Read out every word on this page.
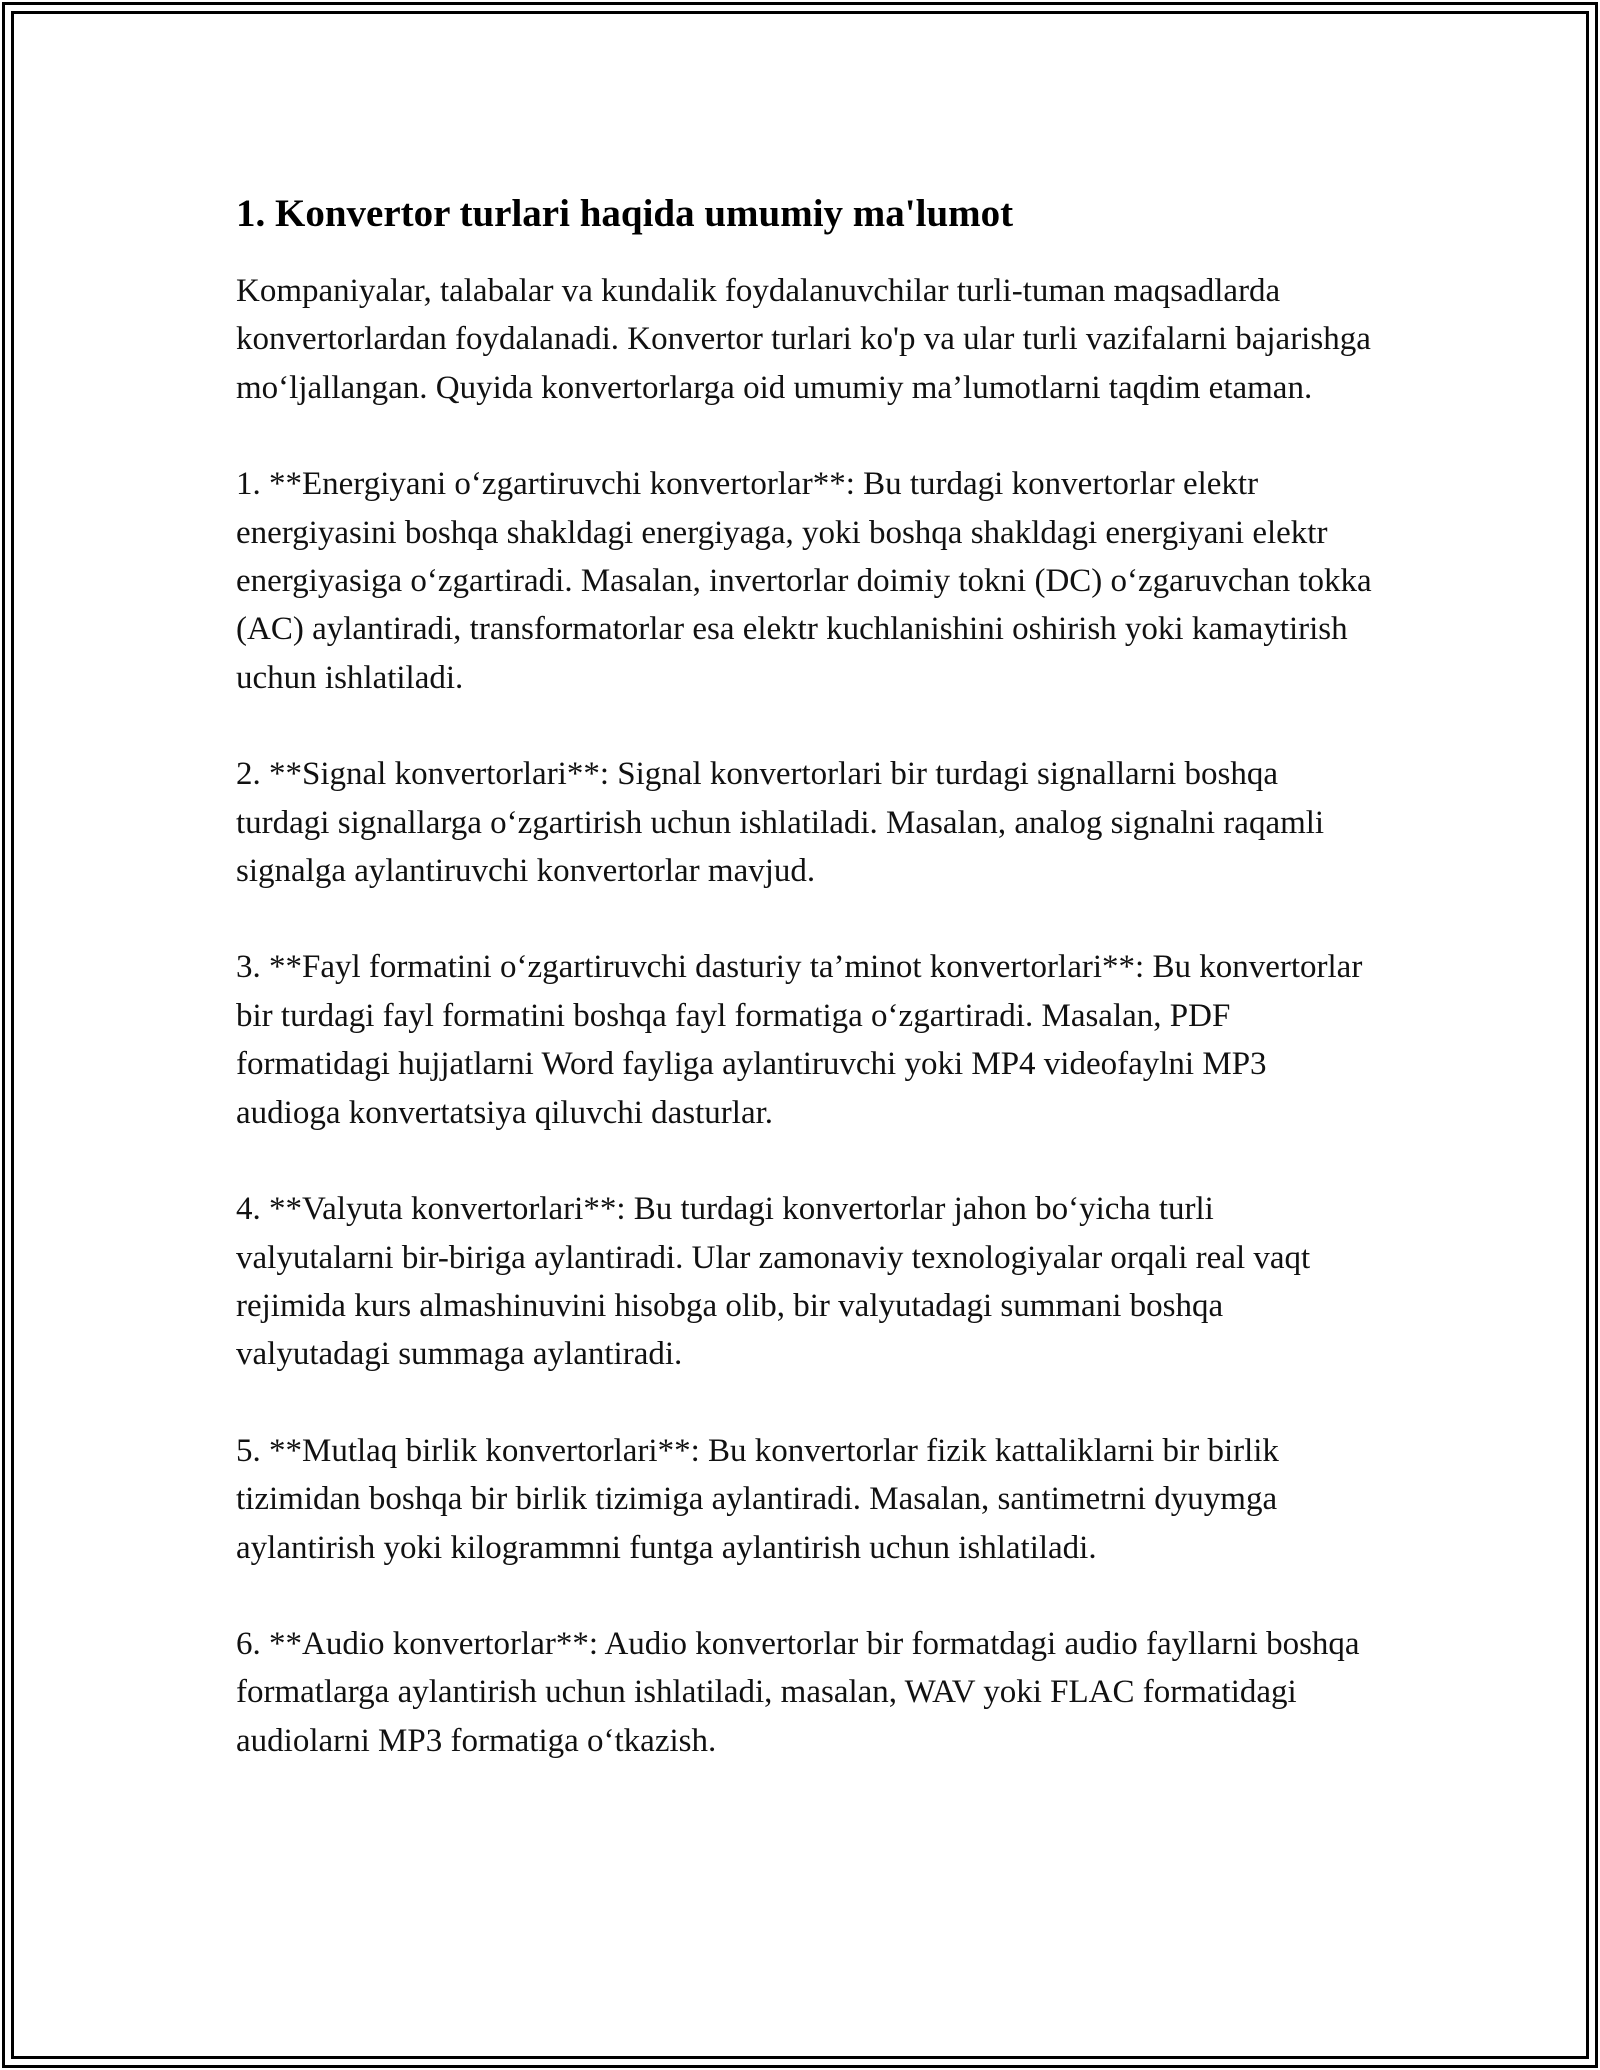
1. Konvertor turlari haqida umumiy ma'lumot

Kompaniyalar, talabalar va kundalik foydalanuvchilar turli-tuman maqsadlarda konvertorlardan foydalanadi. Konvertor turlari ko'p va ular turli vazifalarni bajarishga mo‘ljallangan. Quyida konvertorlarga oid umumiy ma’lumotlarni taqdim etaman.

1. **Energiyani o‘zgartiruvchi konvertorlar**: Bu turdagi konvertorlar elektr energiyasini boshqa shakldagi energiyaga, yoki boshqa shakldagi energiyani elektr energiyasiga o‘zgartiradi. Masalan, invertorlar doimiy tokni (DC) o‘zgaruvchan tokka (AC) aylantiradi, transformatorlar esa elektr kuchlanishini oshirish yoki kamaytirish uchun ishlatiladi.

2. **Signal konvertorlari**: Signal konvertorlari bir turdagi signallarni boshqa turdagi signallarga o‘zgartirish uchun ishlatiladi. Masalan, analog signalni raqamli signalga aylantiruvchi konvertorlar mavjud.

3. **Fayl formatini o‘zgartiruvchi dasturiy ta’minot konvertorlari**: Bu konvertorlar bir turdagi fayl formatini boshqa fayl formatiga o‘zgartiradi. Masalan, PDF formatidagi hujjatlarni Word fayliga aylantiruvchi yoki MP4 videofaylni MP3 audioga konvertatsiya qiluvchi dasturlar.

4. **Valyuta konvertorlari**: Bu turdagi konvertorlar jahon bo‘yicha turli valyutalarni bir-biriga aylantiradi. Ular zamonaviy texnologiyalar orqali real vaqt rejimida kurs almashinuvini hisobga olib, bir valyutadagi summani boshqa valyutadagi summaga aylantiradi.

5. **Mutlaq birlik konvertorlari**: Bu konvertorlar fizik kattaliklarni bir birlik tizimidan boshqa bir birlik tizimiga aylantiradi. Masalan, santimetrni dyuymga aylantirish yoki kilogrammni funtga aylantirish uchun ishlatiladi.

6. **Audio konvertorlar**: Audio konvertorlar bir formatdagi audio fayllarni boshqa formatlarga aylantirish uchun ishlatiladi, masalan, WAV yoki FLAC formatidagi audiolarni MP3 formatiga o‘tkazish.
